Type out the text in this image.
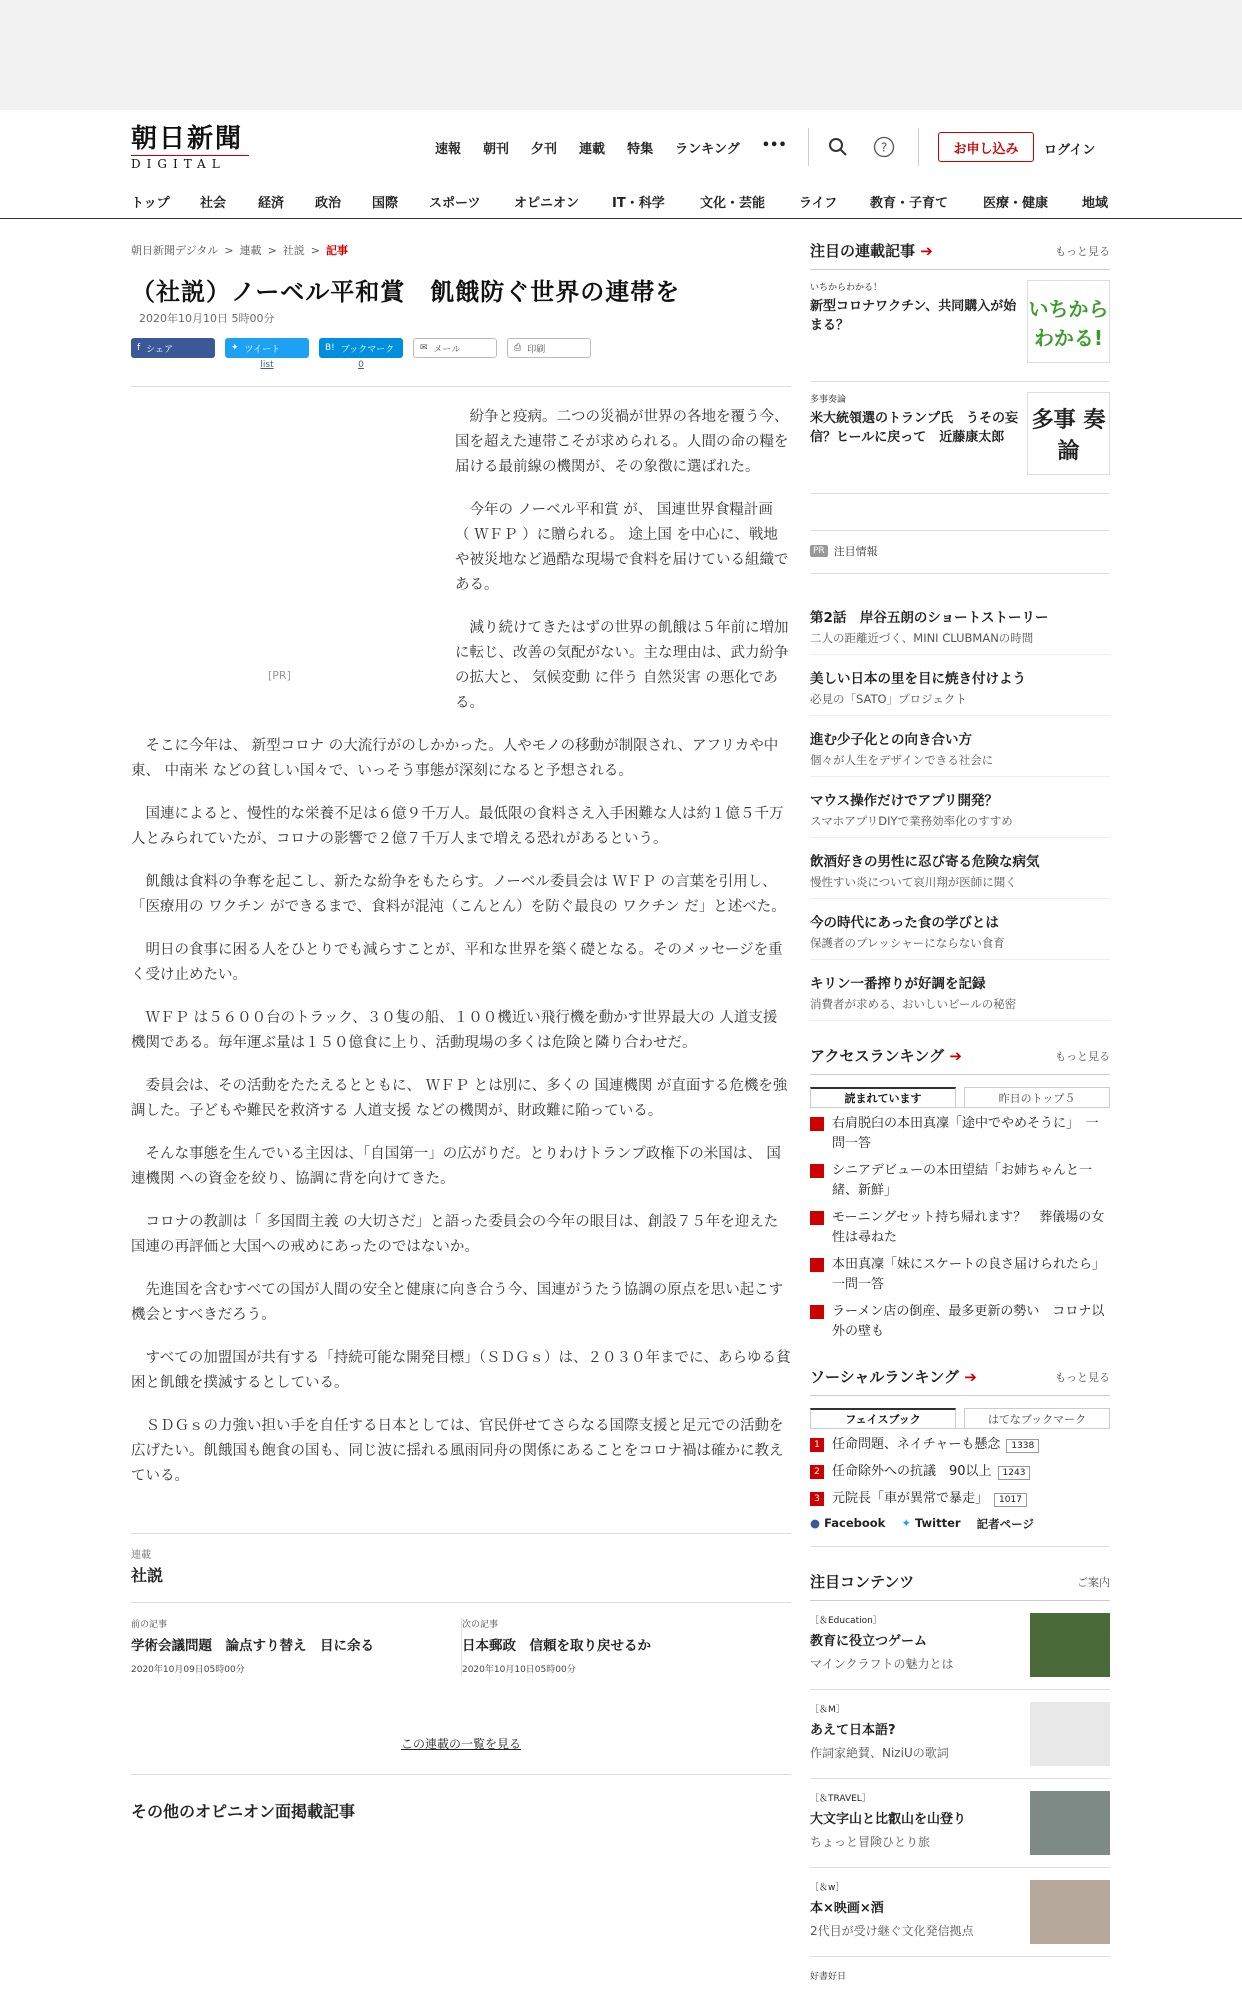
朝日新聞
DIGITAL
速報 朝刊 夕刊 連載 特集 ランキング •••	?	お申し込み	ログイン
トップ 社会 経済 政治 国際 スポーツ	オピニオン	IT・科学	文化・芸能	ライフ	教育・子育て	医療・健康	地域
朝日新聞デジタル > 連載 > 社説 > 記事
（社説）ノーベル平和賞　飢餓防ぐ世界の連帯を
2020年10月10日 5時00分
f シェア	✦ ツイート
list
B! ブックマーク
0
✉ メール	⎙ 印刷
[PR]

紛争と疫病。二つの災禍が世界の各地を覆う今、国を超えた連帯こそが求められる。人間の命の糧を届ける最前線の機関が、その象徴に選ばれた。

今年の ノーベル平和賞 が、 国連世界食糧計画 （ ＷＦＰ ）に贈られる。 途上国 を中心に、戦地や被災地など過酷な現場で食料を届けている組織である。

減り続けてきたはずの世界の飢餓は５年前に増加に転じ、改善の気配がない。主な理由は、武力紛争の拡大と、 気候変動 に伴う 自然災害 の悪化である。

そこに今年は、 新型コロナ の大流行がのしかかった。人やモノの移動が制限され、アフリカや中東、 中南米 などの貧しい国々で、いっそう事態が深刻になると予想される。

国連によると、慢性的な栄養不足は６億９千万人。最低限の食料さえ入手困難な人は約１億５千万人とみられていたが、コロナの影響で２億７千万人まで増える恐れがあるという。

飢餓は食料の争奪を起こし、新たな紛争をもたらす。ノーベル委員会は ＷＦＰ の言葉を引用し、「医療用の ワクチン ができるまで、食料が混沌（こんとん）を防ぐ最良の ワクチン だ」と述べた。

明日の食事に困る人をひとりでも減らすことが、平和な世界を築く礎となる。そのメッセージを重く受け止めたい。

ＷＦＰ は５６００台のトラック、３０隻の船、１００機近い飛行機を動かす世界最大の 人道支援 機関である。毎年運ぶ量は１５０億食に上り、活動現場の多くは危険と隣り合わせだ。

委員会は、その活動をたたえるとともに、 ＷＦＰ とは別に、多くの 国連機関 が直面する危機を強調した。子どもや難民を救済する 人道支援 などの機関が、財政難に陥っている。

そんな事態を生んでいる主因は、「自国第一」の広がりだ。とりわけトランプ政権下の米国は、 国連機関 への資金を絞り、協調に背を向けてきた。

コロナの教訓は「 多国間主義 の大切さだ」と語った委員会の今年の眼目は、創設７５年を迎えた国連の再評価と大国への戒めにあったのではないか。

先進国を含むすべての国が人間の安全と健康に向き合う今、国連がうたう協調の原点を思い起こす機会とすべきだろう。

すべての加盟国が共有する「持続可能な開発目標」（ＳＤＧｓ）は、２０３０年までに、あらゆる貧困と飢餓を撲滅するとしている。

ＳＤＧｓの力強い担い手を自任する日本としては、官民併せてさらなる国際支援と足元での活動を広げたい。飢餓国も飽食の国も、同じ波に揺れる風雨同舟の関係にあることをコロナ禍は確かに教えている。

連載
社説
前の記事
学術会議問題　論点すり替え　目に余る
2020年10月09日05時00分
次の記事
日本郵政　信頼を取り戻せるか
2020年10月10日05時00分
この連載の一覧を見る
その他のオピニオン面掲載記事
注目の連載記事 ➔	もっと見る
いちからわかる！
新型コロナワクチン、共同購入が始まる？
いちから わかる!
多事奏論
米大統領選のトランプ氏　うその妄信？ヒールに戻って　近藤康太郎
多事 奏論
PR 注目情報
第2話　岸谷五朗のショートストーリー
二人の距離近づく、MINI CLUBMANの時間
美しい日本の里を目に焼き付けよう
必見の「SATO」プロジェクト
進む少子化との向き合い方
個々が人生をデザインできる社会に
マウス操作だけでアプリ開発？
スマホアプリDIYで業務効率化のすすめ
飲酒好きの男性に忍び寄る危険な病気
慢性すい炎について哀川翔が医師に聞く
今の時代にあった食の学びとは
保護者のプレッシャーにならない食育
キリン一番搾りが好調を記録
消費者が求める、おいしいビールの秘密
アクセスランキング ➔	もっと見る
読まれています	昨日のトップ５
右肩脱臼の本田真凜「途中でやめそうに」　一問一答
シニアデビューの本田望結「お姉ちゃんと一緒、新鮮」
モーニングセット持ち帰れます？　葬儀場の女性は尋ねた
本田真凜「妹にスケートの良さ届けられたら」　一問一答
ラーメン店の倒産、最多更新の勢い　コロナ以外の壁も
ソーシャルランキング ➔	もっと見る
フェイスブック	はてなブックマーク
1 任命問題、ネイチャーも懸念 1338
2 任命除外への抗議　90以上 1243
3 元院長「車が異常で暴走」 1017
● Facebook ✦ Twitter 記者ページ
注目コンテンツ	ご案内
［＆Education］
教育に役立つゲーム
マインクラフトの魅力とは
［＆M］
あえて日本語?
作詞家絶賛、NiziUの歌詞
［＆TRAVEL］
大文字山と比叡山を山登り
ちょっと冒険ひとり旅
［＆w］
本×映画×酒
2代目が受け継ぐ文化発信拠点
好書好日
